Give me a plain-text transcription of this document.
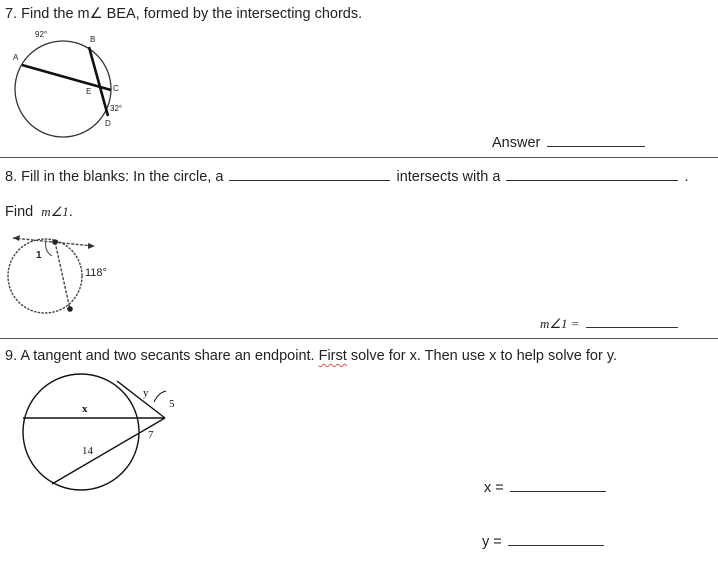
7. Find the m∠ BEA, formed by the intersecting chords.
92°
A
B
C
E
32°
D
Answer
8. Fill in the blanks: In the circle, a	intersects with a	.
Find m∠1.
1
118°
m∠1 =
9. A tangent and two secants share an endpoint. First solve for x. Then use x to help solve for y.
y
5
x
7
14
x =
y =
